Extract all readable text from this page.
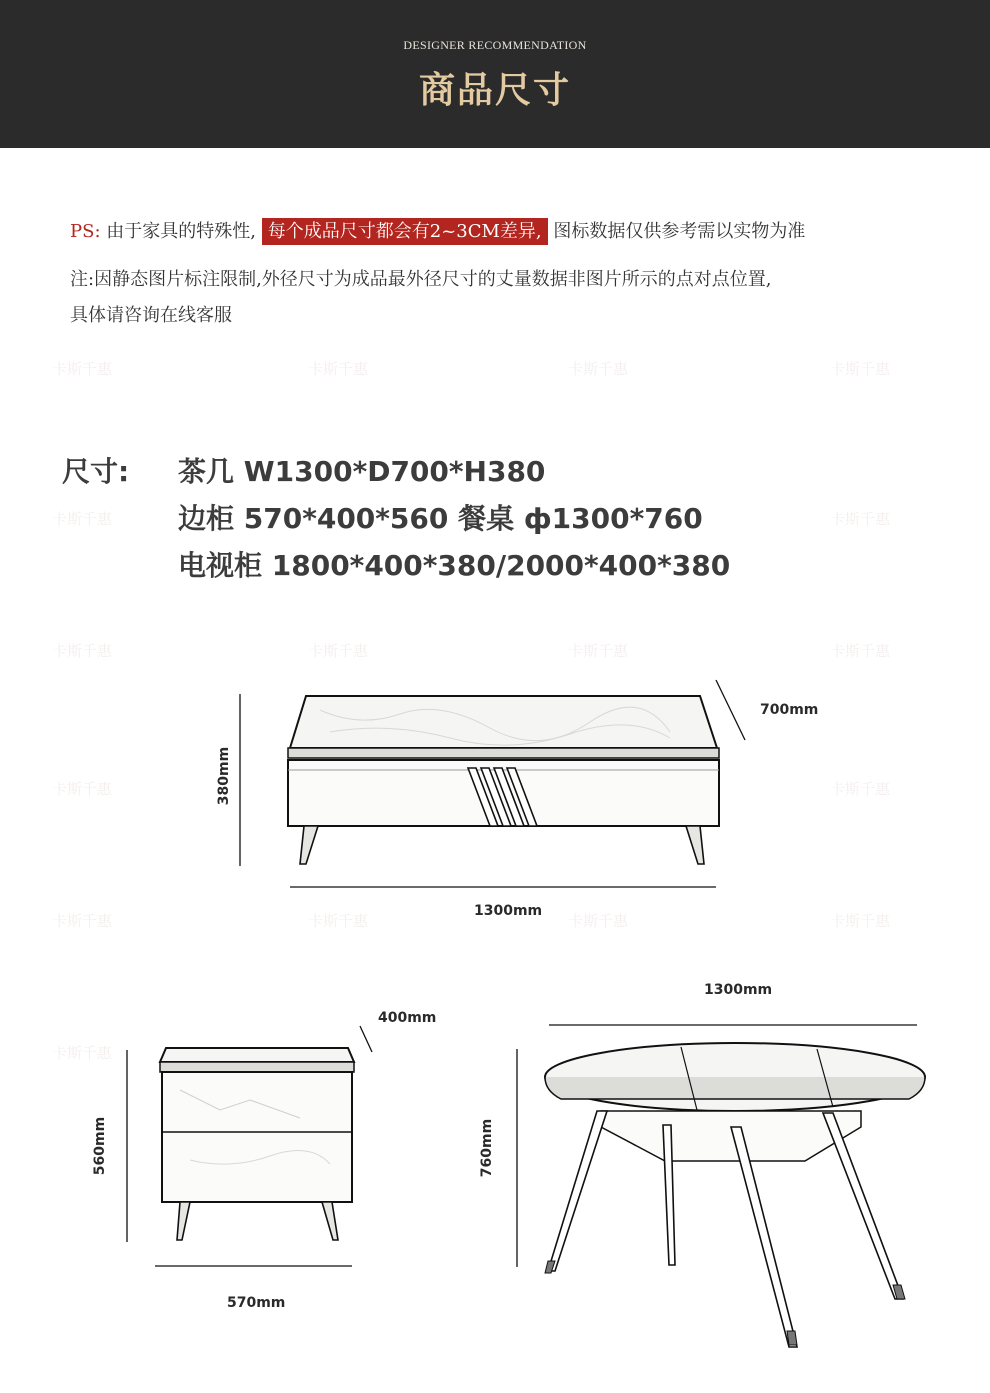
DESIGNER RECOMMENDATION
商品尺寸
PS: 由于家具的特殊性, 每个成品尺寸都会有2~3CM差异, 图标数据仅供参考需以实物为准
注:因静态图片标注限制,外径尺寸为成品最外径尺寸的丈量数据非图片所示的点对点位置,
具体请咨询在线客服
卡斯千惠	卡斯千惠	卡斯千惠	卡斯千惠
卡斯千惠	卡斯千惠
卡斯千惠	卡斯千惠	卡斯千惠	卡斯千惠
卡斯千惠	卡斯千惠
卡斯千惠	卡斯千惠	卡斯千惠	卡斯千惠
卡斯千惠
尺寸: 茶几 W1300*D700*H380
边柜 570*400*560 餐桌 ф1300*760
电视柜 1800*400*380/2000*400*380
380mm
700mm
1300mm
560mm
400mm
570mm
760mm
1300mm
